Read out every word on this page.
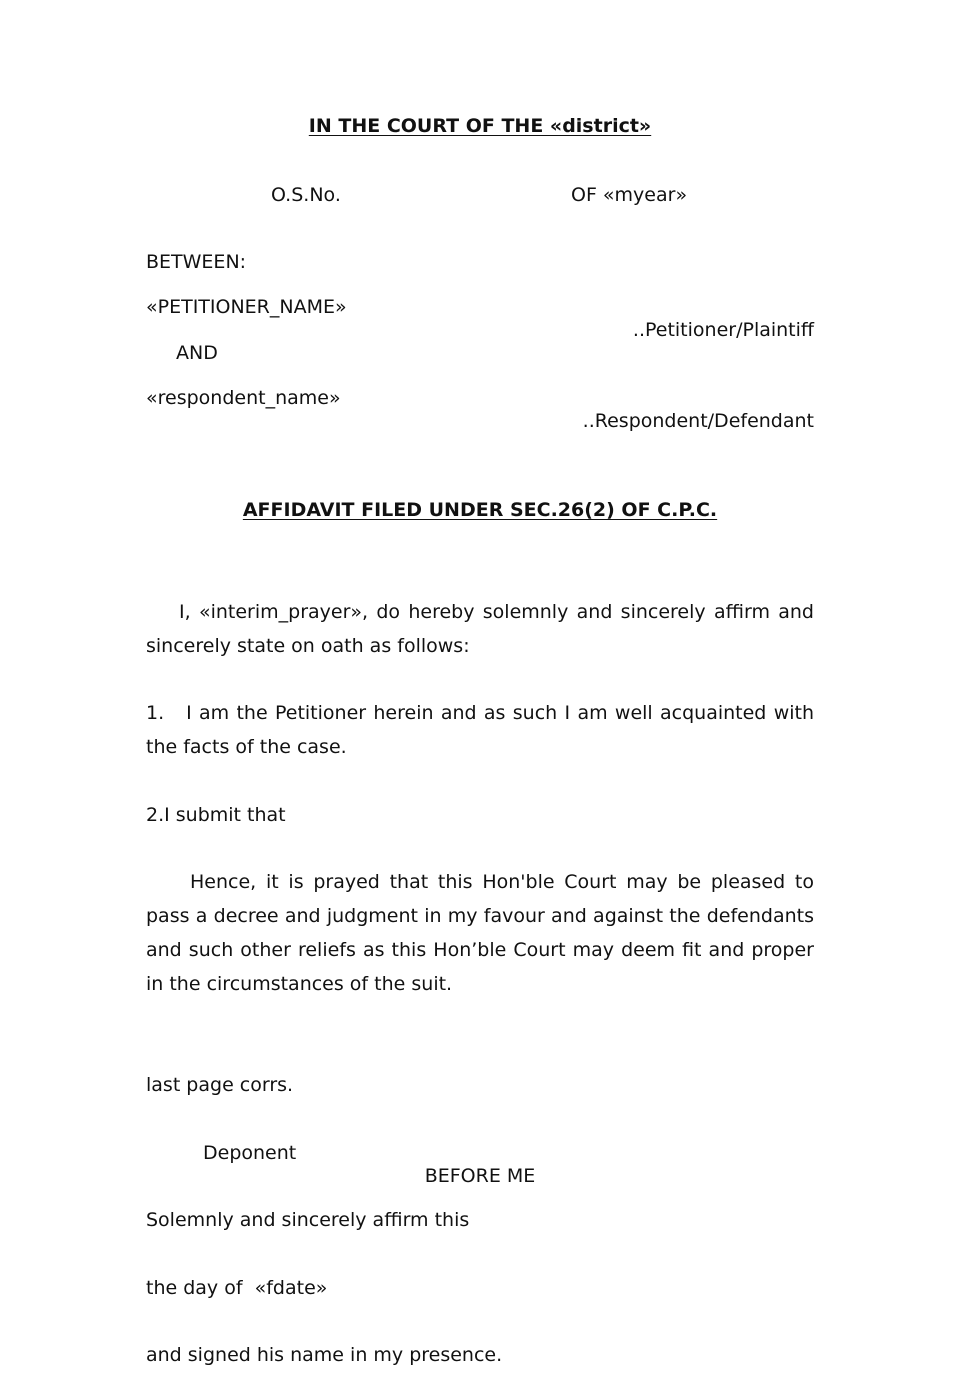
IN THE COURT OF THE «district»
O.S.No.	OF «myear»
BETWEEN:
«PETITIONER_NAME»
..Petitioner/Plaintiff
AND
«respondent_name»
..Respondent/Defendant
AFFIDAVIT FILED UNDER SEC.26(2) OF C.P.C.
I, «interim_prayer», do hereby solemnly and sincerely affirm and sincerely state on oath as follows:
1.   I am the Petitioner herein and as such I am well acquainted with the facts of the case.
2.I submit that
Hence, it is prayed that this Hon'ble Court may be pleased to pass a decree and judgment in my favour and against the defendants and such other reliefs as this Hon’ble Court may deem fit and proper in the circumstances of the suit.

last page corrs.

Deponent

Solemnly and sincerely affirm this

the day of  «fdate»

and signed his name in my presence.

BEFORE ME
